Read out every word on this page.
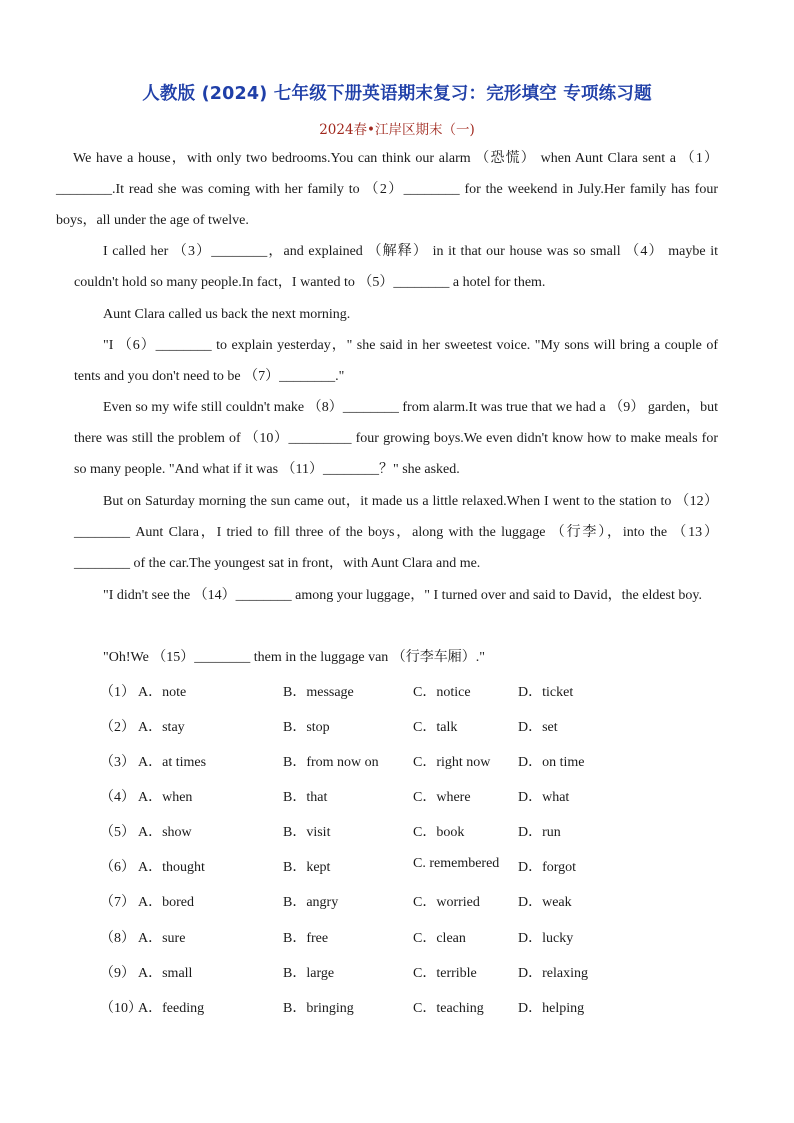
人教版 (2024) 七年级下册英语期末复习：完形填空 专项练习题
2024春•江岸区期末（一)
We have a house，with only two bedrooms.You can think our alarm （恐慌） when Aunt Clara sent a （1）________.It read she was coming with her family to （2）________ for the weekend in July.Her family has four boys，all under the age of twelve.
I called her （3）________，and explained （解释） in it that our house was so small （4） maybe it couldn't hold so many people.In fact，I wanted to （5）________ a hotel for them.
Aunt Clara called us back the next morning.
"I （6）________ to explain yesterday，" she said in her sweetest voice. "My sons will bring a couple of tents and you don't need to be （7）________."
Even so my wife still couldn't make （8）________ from alarm.It was true that we had a （9） garden，but there was still the problem of （10）_________ four growing boys.We even didn't know how to make meals for so many people. "And what if it was （11）________？" she asked.
But on Saturday morning the sun came out，it made us a little relaxed.When I went to the station to （12）________ Aunt Clara，I tried to fill three of the boys，along with the luggage （行李），into the （13）________ of the car.The youngest sat in front，with Aunt Clara and me.
"I didn't see the （14）________ among your luggage，" I turned over and said to David，the eldest boy.
"Oh!We （15）________ them in the luggage van （行李车厢）."
（1） A．note	B．message	C．notice	D．ticket
（2） A．stay	B．stop	C．talk	D．set
（3） A．at times	B．from now on C．right now D．on time
（4） A．when	B．that	C．where	D．what
（5） A．show	B．visit	C．book	D．run
（6） A．thought	B．kept	C. remembered D．forgot
（7） A．bored	B．angry	C．worried	D．weak
（8） A．sure	B．free	C．clean	D．lucky
（9） A．small	B．large	C．terrible	D．relaxing
（10）
A．feeding	B．bringing	C．teaching D．helping
